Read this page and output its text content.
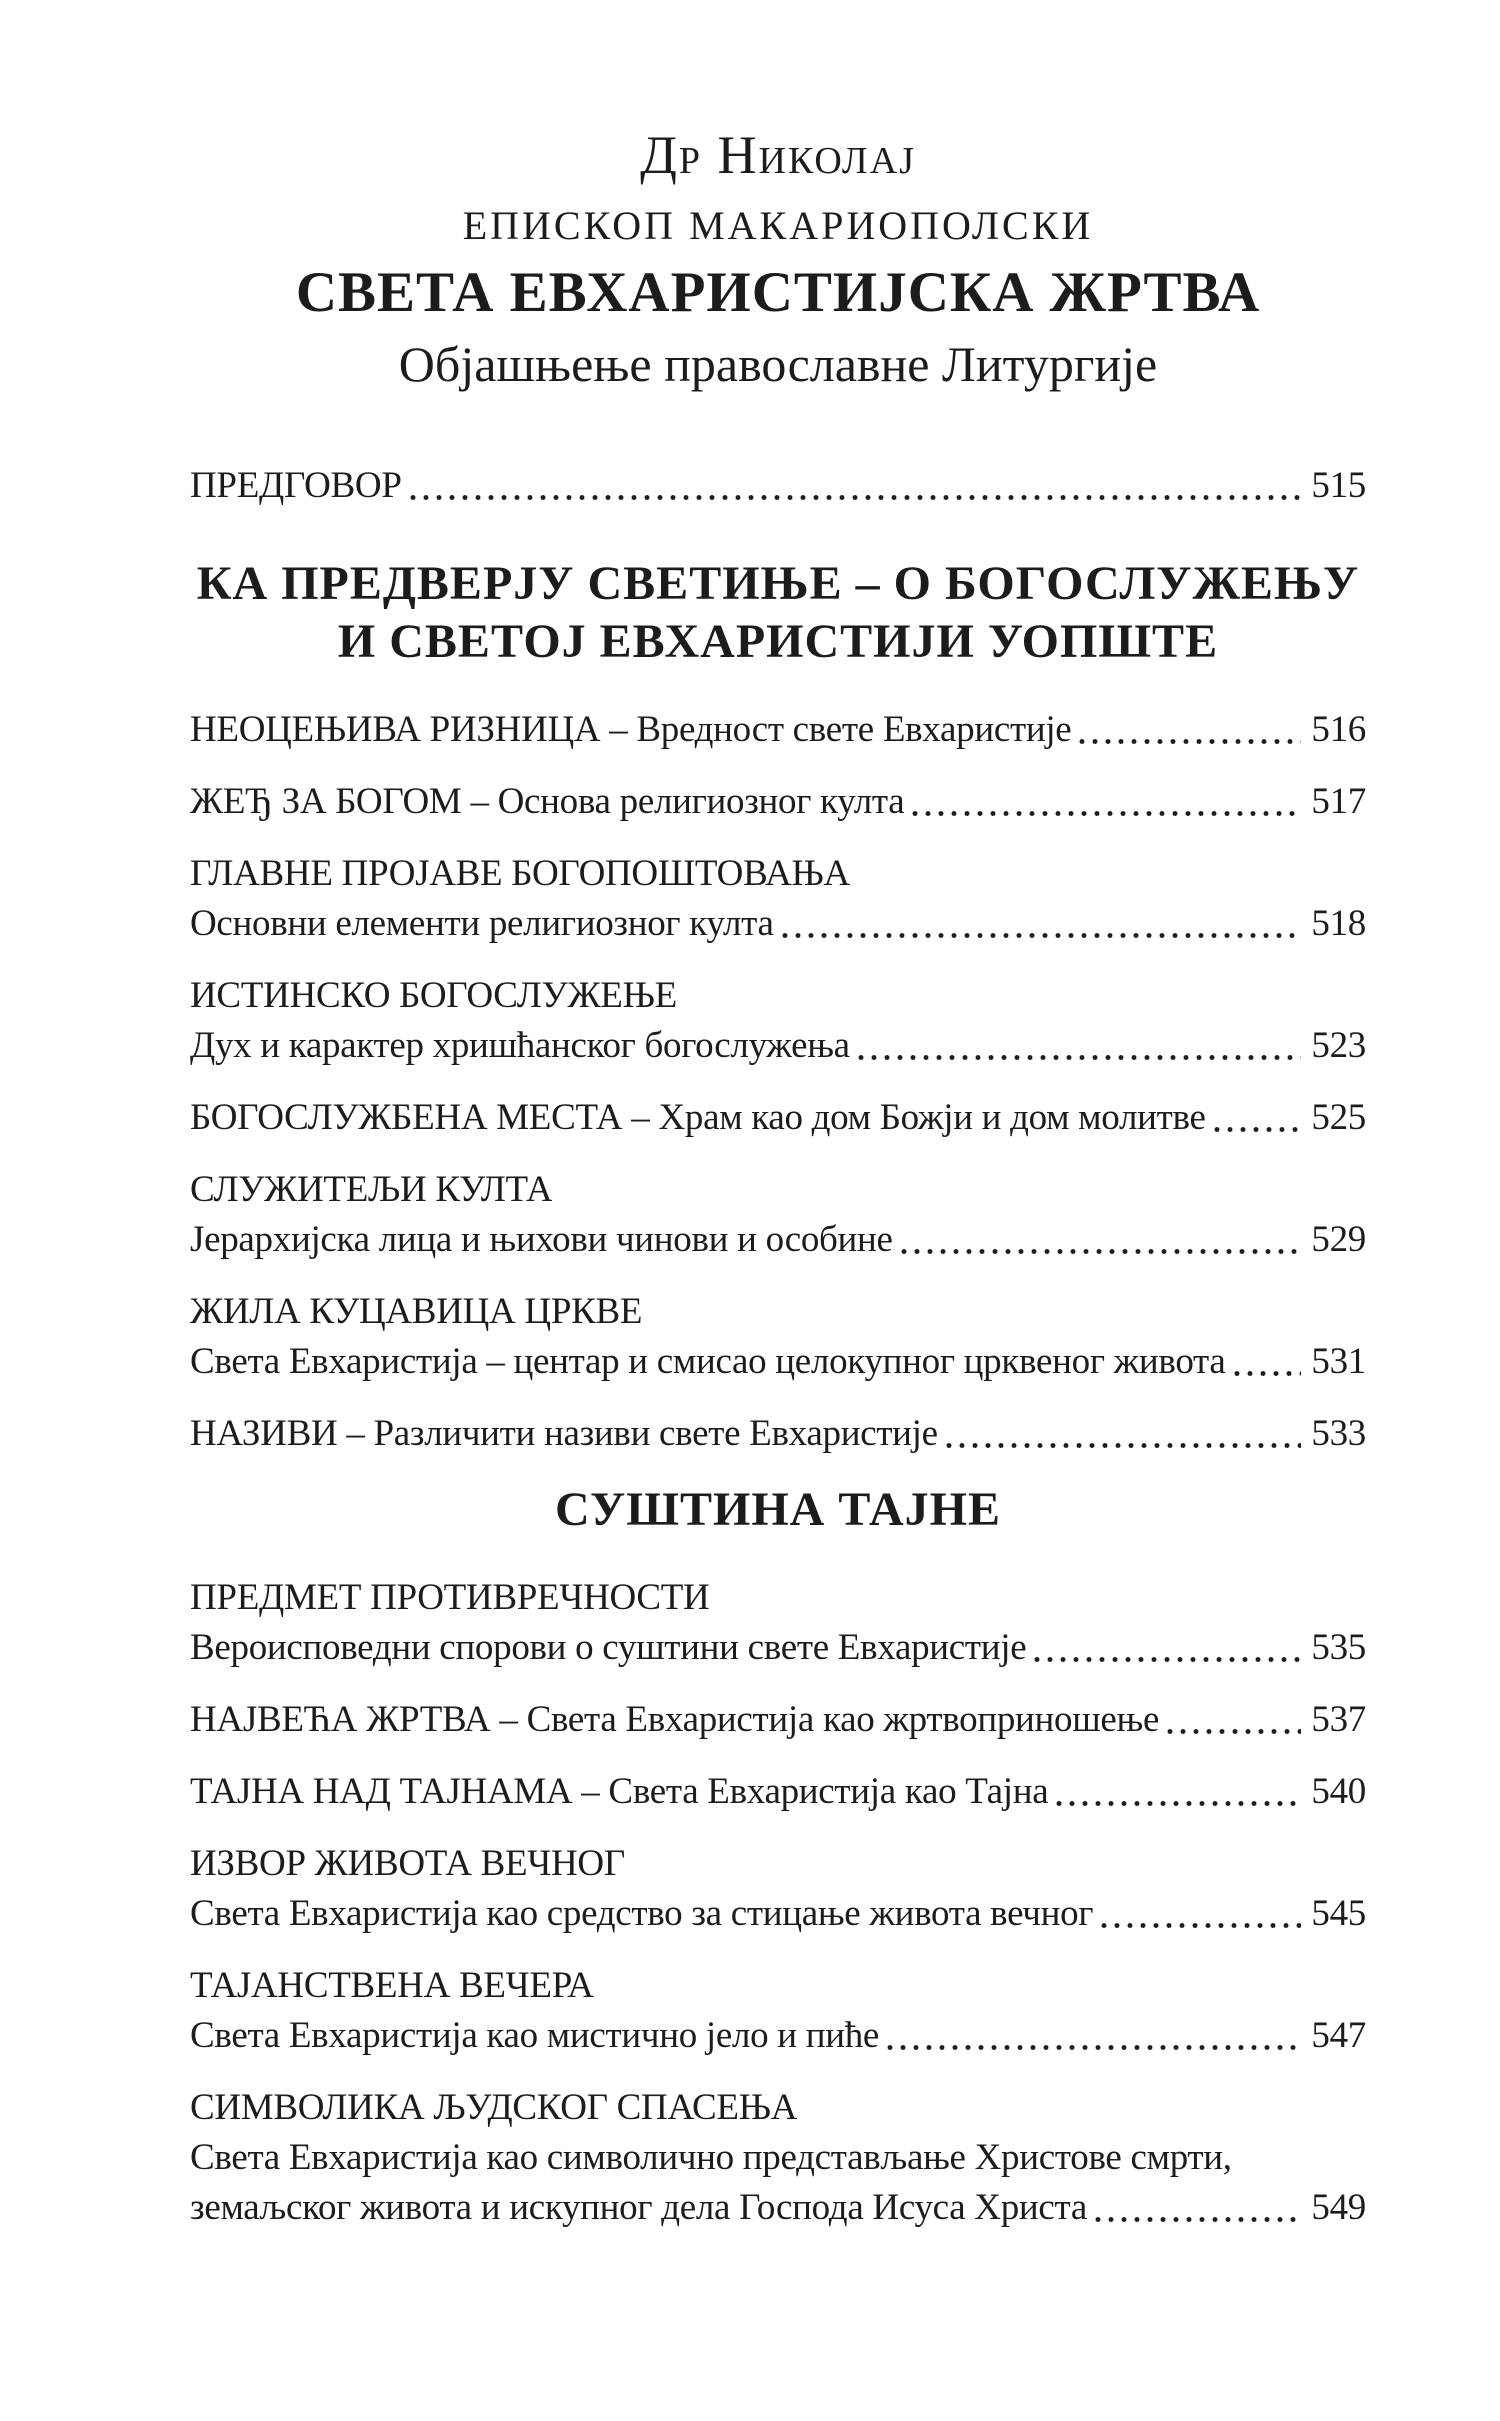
Др Николај
ЕПИСКОП МАКАРИОПОЛСКИ
СВЕТА ЕВХАРИСТИЈСКА ЖРТВА
Објашњење православне Литургије
ПРЕДГОВОР	515
КА ПРЕДВЕРЈУ СВЕТИЊЕ – О БОГОСЛУЖЕЊУ
И СВЕТОЈ ЕВХАРИСТИЈИ УОПШТЕ
НЕОЦЕЊИВА РИЗНИЦА – Вредност свете Евхаристије	516
ЖЕЂ ЗА БОГОМ – Основа религиозног култа	517
ГЛАВНЕ ПРОЈАВЕ БОГОПОШТОВАЊА
Основни елементи религиозног култа	518
ИСТИНСКО БОГОСЛУЖЕЊЕ
Дух и карактер хришћанског богослужења	523
БОГОСЛУЖБЕНА МЕСТА – Храм као дом Божји и дом молитве	525
СЛУЖИТЕЉИ КУЛТА
Јерархијска лица и њихови чинови и особине	529
ЖИЛА КУЦАВИЦА ЦРКВЕ
Света Евхаристија – центар и смисао целокупног црквеног живота 531
НАЗИВИ – Различити називи свете Евхаристије	533
СУШТИНА ТАЈНЕ
ПРЕДМЕТ ПРОТИВРЕЧНОСТИ
Вероисповедни спорови о суштини свете Евхаристије	535
НАЈВЕЋА ЖРТВА – Света Евхаристија као жртвоприношење	537
ТАЈНА НАД ТАЈНАМА – Света Евхаристија као Тајна	540
ИЗВОР ЖИВОТА ВЕЧНОГ
Света Евхаристија као средство за стицање живота вечног	545
ТАЈАНСТВЕНА ВЕЧЕРА
Света Евхаристија као мистично јело и пиће	547
СИМВОЛИКА ЉУДСКОГ СПАСЕЊА
Света Евхаристија као символично представљање Христове смрти,
земаљског живота и искупног дела Господа Исуса Христа	549
